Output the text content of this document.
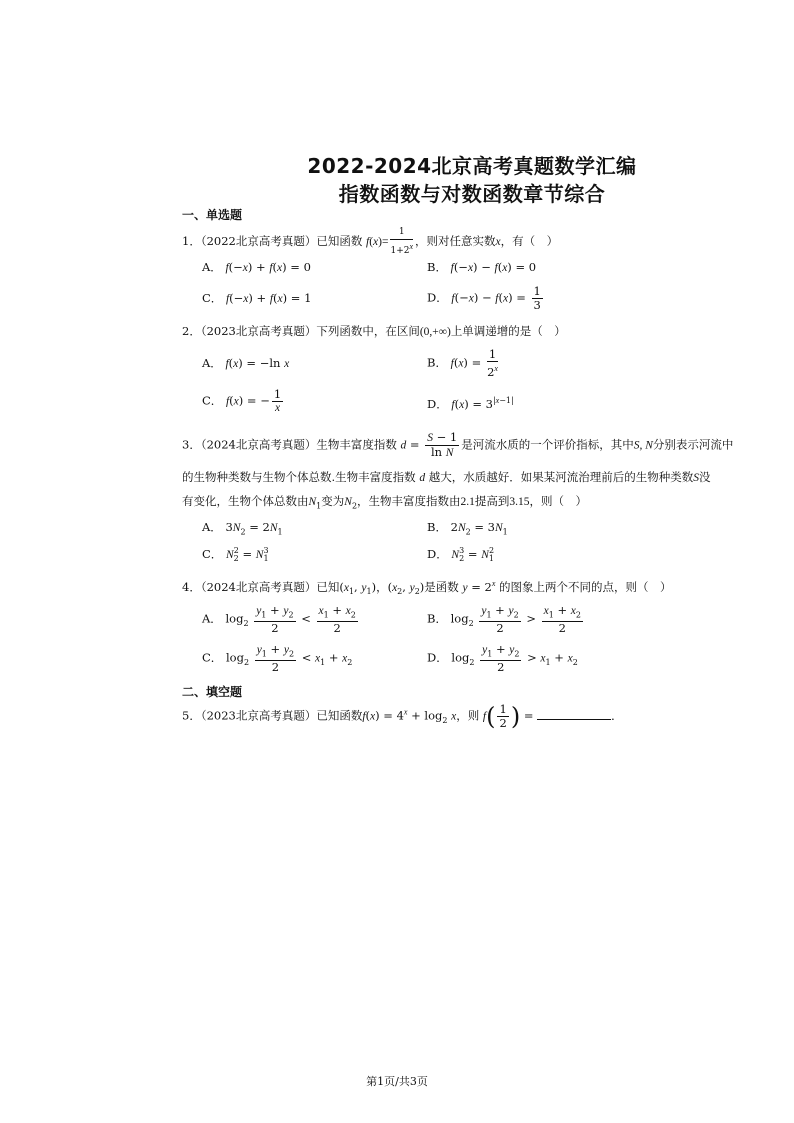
2022-2024北京高考真题数学汇编
指数函数与对数函数章节综合
一、单选题
1．（2022北京高考真题）已知函数 $f(x)= \frac{1}{1+2^x}$ ，则对任意实数x，有（　）
A． f(−x) + f(x) = 0	B． f(−x) − f(x) = 0
C． f(−x) + f(x) = 1	D． $f(-x) - f(x) = \frac{1}{3}$
2．（2023北京高考真题）下列函数中，在区间(0,+∞)上单调递增的是（　）
A． f(x) = −ln x	B． $f(x) = \frac{1}{2^x}$
C． f(x) = − $\frac{1}{x}$	D． $f(x) = 3^{|x-1|}$
3．（2024北京高考真题）生物丰富度指数 $d = \frac{S - 1}{\text{ln N}}$ 是河流水质的一个评价指标，其中S, N分别表示河流中
的生物种类数与生物个体总数.生物丰富度指数 d 越大，水质越好．如果某河流治理前后的生物种类数S没
有变化，生物个体总数由$N_1$变为$N_2$，生物丰富度指数由2.1提高到3.15，则（　）
A． $3N_2 = 2N_1$	B． $2N_2 = 3N_1$
C． $N_2^2 = N_1^3$	D． $N_2^3 = N_1^2$
4．（2024北京高考真题）已知($x_1$, $y_1$)，($x_2$, $y_2$)是函数 $y = 2^x$ 的图象上两个不同的点，则（　）
A． $\log_2 \frac{y_1 + y_2}{2} < \frac{x_1 + x_2}{2}$	B． $\log_2 \frac{y_1 + y_2}{2} > \frac{x_1 + x_2}{2}$
C． $\log_2 \frac{y_1 + y_2}{2} < x_1 + x_2$	D． $\log_2 \frac{y_1 + y_2}{2} > x_1 + x_2$
二、填空题
5．（2023北京高考真题）已知函数$f(x) = 4^x + \log_2 x$，则 $f( \frac{1}{2}$ ) =	．
第1页/共3页
